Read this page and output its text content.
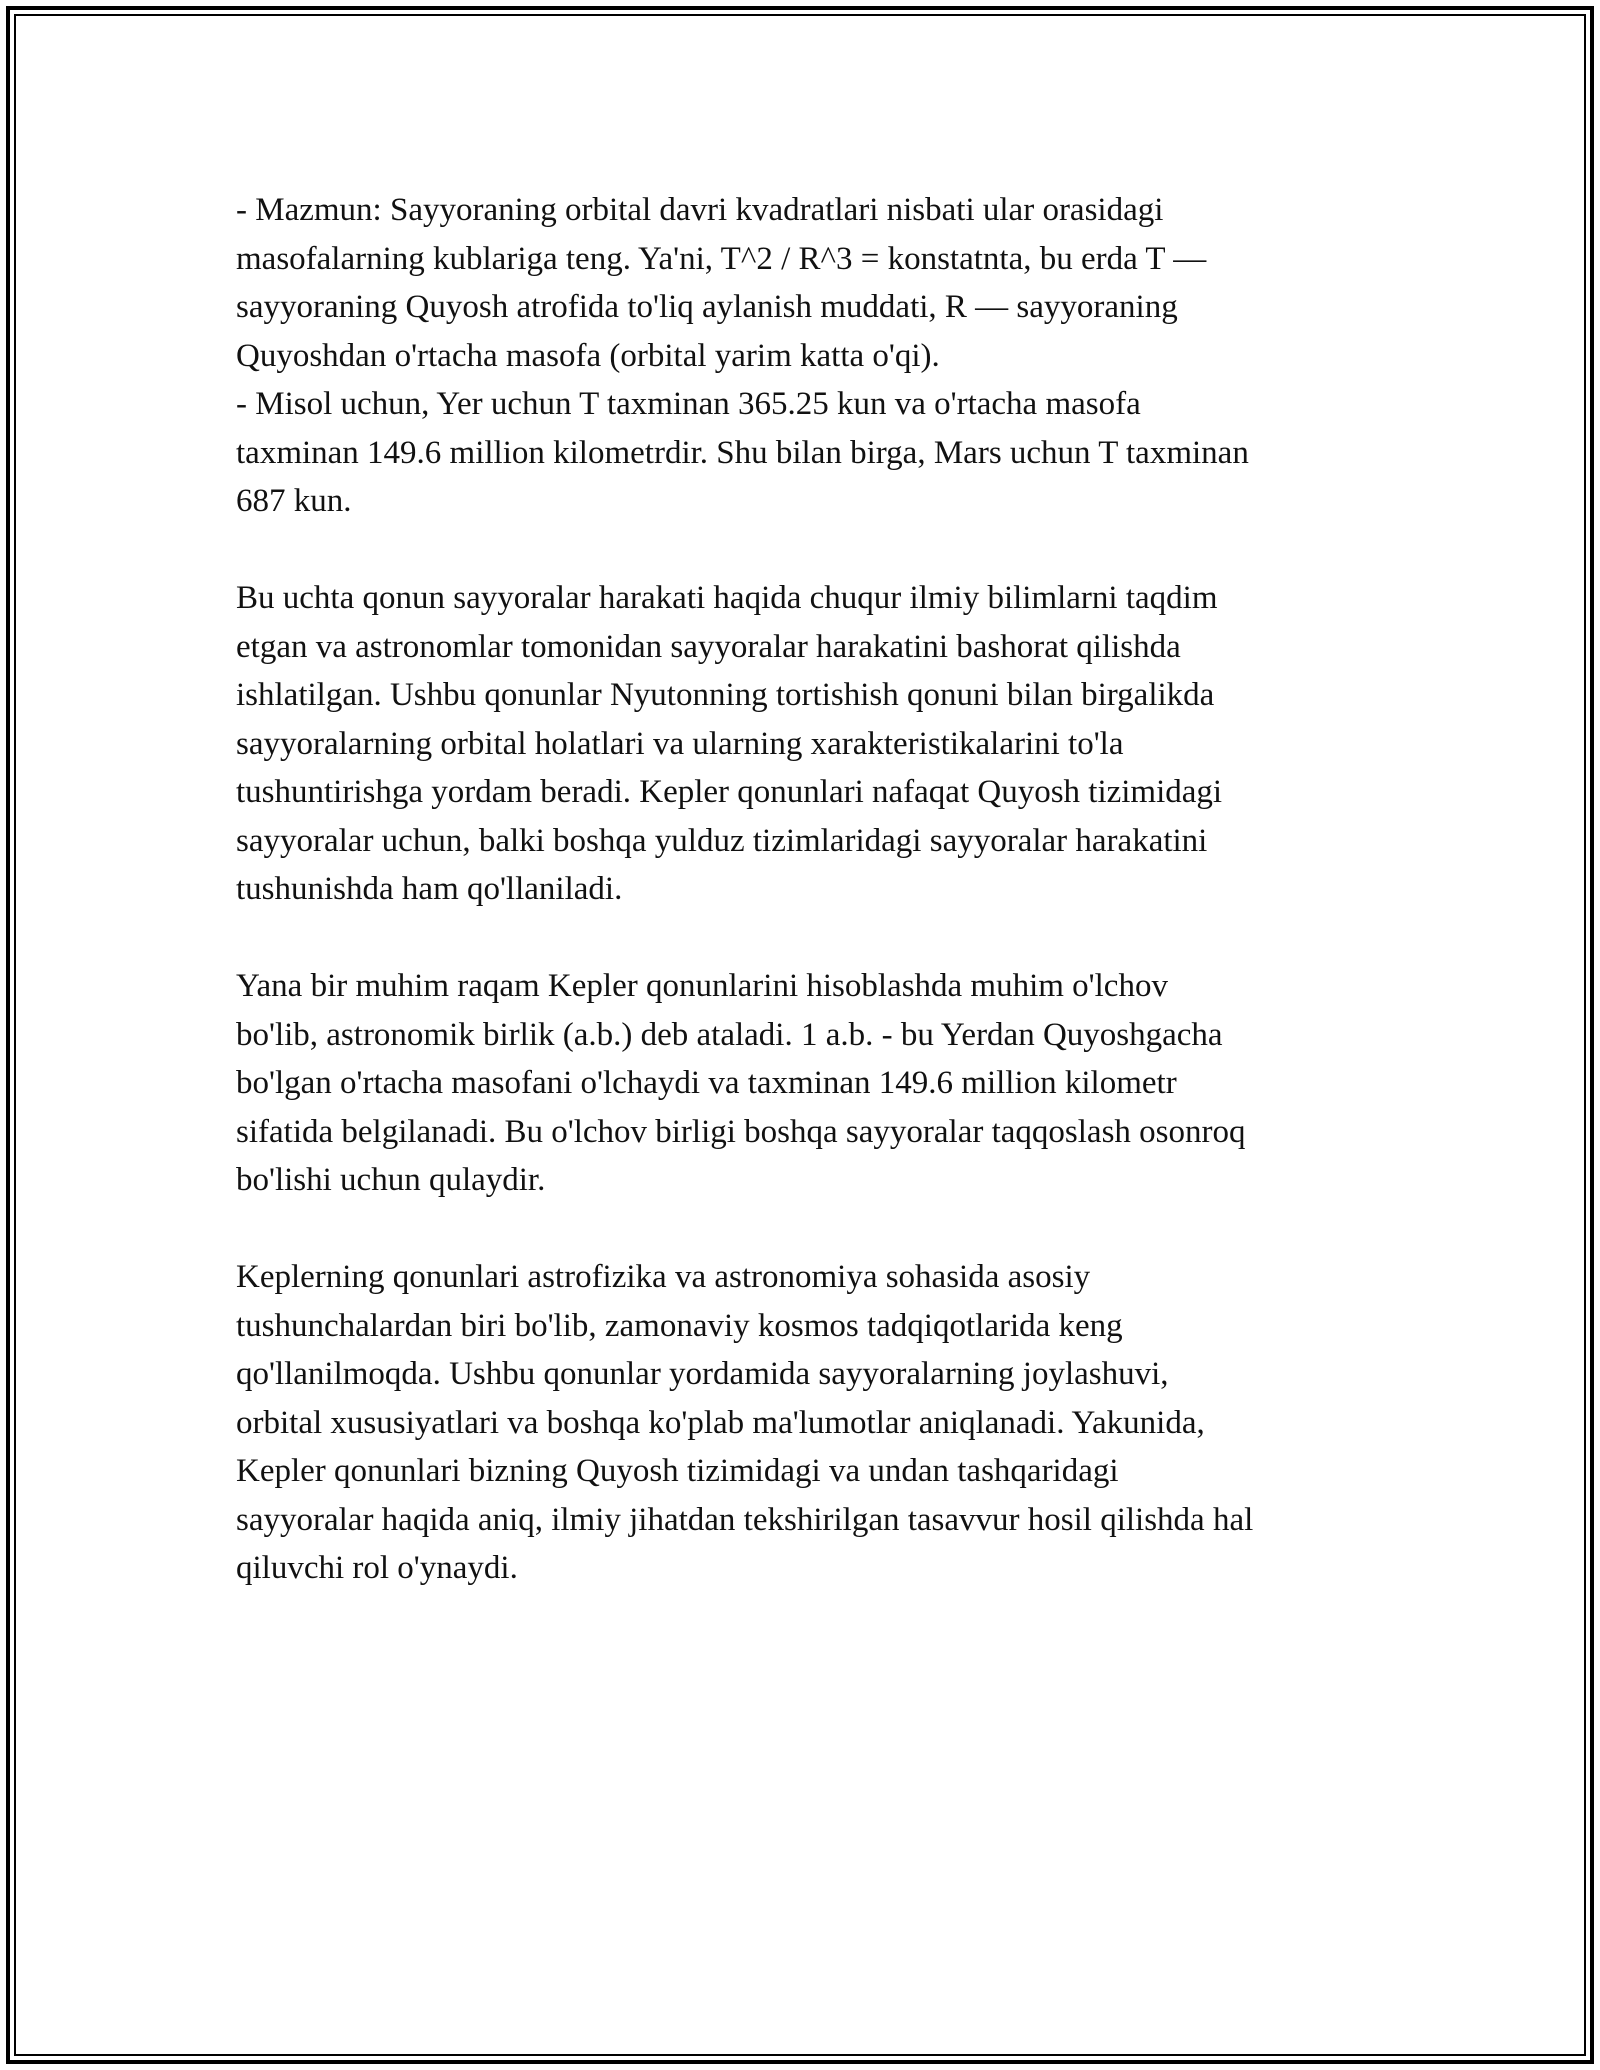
- Mazmun: Sayyoraning orbital davri kvadratlari nisbati ular orasidagi
masofalarning kublariga teng. Ya'ni, T^2 / R^3 = konstatnta, bu erda T —
sayyoraning Quyosh atrofida to'liq aylanish muddati, R — sayyoraning
Quyoshdan o'rtacha masofa (orbital yarim katta o'qi).
- Misol uchun, Yer uchun T taxminan 365.25 kun va o'rtacha masofa
taxminan 149.6 million kilometrdir. Shu bilan birga, Mars uchun T taxminan
687 kun.

Bu uchta qonun sayyoralar harakati haqida chuqur ilmiy bilimlarni taqdim
etgan va astronomlar tomonidan sayyoralar harakatini bashorat qilishda
ishlatilgan. Ushbu qonunlar Nyutonning tortishish qonuni bilan birgalikda
sayyoralarning orbital holatlari va ularning xarakteristikalarini to'la
tushuntirishga yordam beradi. Kepler qonunlari nafaqat Quyosh tizimidagi
sayyoralar uchun, balki boshqa yulduz tizimlaridagi sayyoralar harakatini
tushunishda ham qo'llaniladi.

Yana bir muhim raqam Kepler qonunlarini hisoblashda muhim o'lchov
bo'lib, astronomik birlik (a.b.) deb ataladi. 1 a.b. - bu Yerdan Quyoshgacha
bo'lgan o'rtacha masofani o'lchaydi va taxminan 149.6 million kilometr
sifatida belgilanadi. Bu o'lchov birligi boshqa sayyoralar taqqoslash osonroq
bo'lishi uchun qulaydir.

Keplerning qonunlari astrofizika va astronomiya sohasida asosiy
tushunchalardan biri bo'lib, zamonaviy kosmos tadqiqotlarida keng
qo'llanilmoqda. Ushbu qonunlar yordamida sayyoralarning joylashuvi,
orbital xususiyatlari va boshqa ko'plab ma'lumotlar aniqlanadi. Yakunida,
Kepler qonunlari bizning Quyosh tizimidagi va undan tashqaridagi
sayyoralar haqida aniq, ilmiy jihatdan tekshirilgan tasavvur hosil qilishda hal
qiluvchi rol o'ynaydi.
